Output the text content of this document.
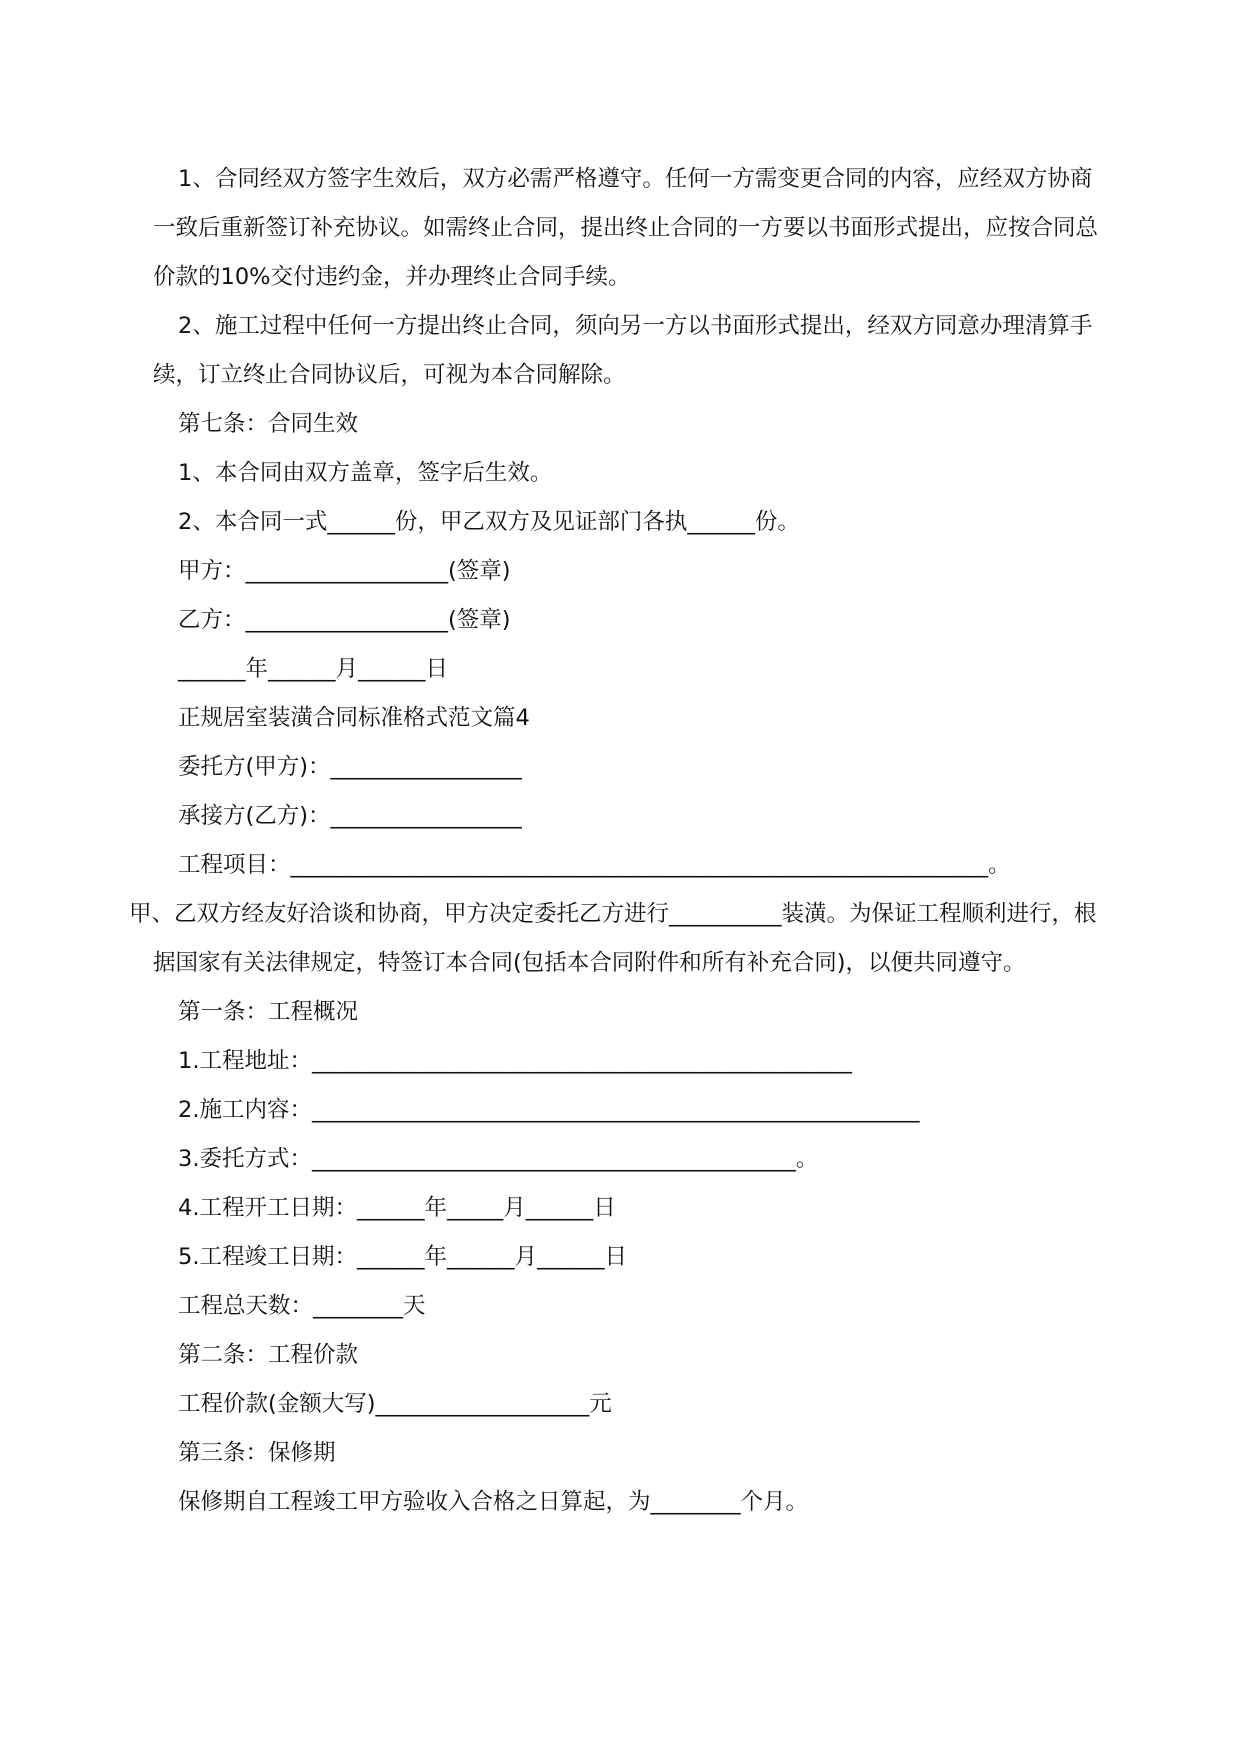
1、合同经双方签字生效后，双方必需严格遵守。任何一方需变更合同的内容，应经双方协商一致后重新签订补充协议。如需终止合同，提出终止合同的一方要以书面形式提出，应按合同总价款的10%交付违约金，并办理终止合同手续。

2、施工过程中任何一方提出终止合同，须向另一方以书面形式提出，经双方同意办理清算手续，订立终止合同协议后，可视为本合同解除。

第七条：合同生效

1、本合同由双方盖章，签字后生效。

2、本合同一式______份，甲乙双方及见证部门各执______份。

甲方：__________________(签章)

乙方：__________________(签章)

______年______月______日

正规居室装潢合同标准格式范文篇4

委托方(甲方)：_________________

承接方(乙方)：_________________

工程项目：______________________________________________________________。

甲、乙双方经友好洽谈和协商，甲方决定委托乙方进行__________装潢。为保证工程顺利进行，根据国家有关法律规定，特签订本合同(包括本合同附件和所有补充合同)，以便共同遵守。

第一条：工程概况

1.工程地址：________________________________________________

2.施工内容：______________________________________________________

3.委托方式：___________________________________________。

4.工程开工日期：______年_____月______日

5.工程竣工日期：______年______月______日

工程总天数：________天

第二条：工程价款

工程价款(金额大写)___________________元

第三条：保修期

保修期自工程竣工甲方验收入合格之日算起，为________个月。
